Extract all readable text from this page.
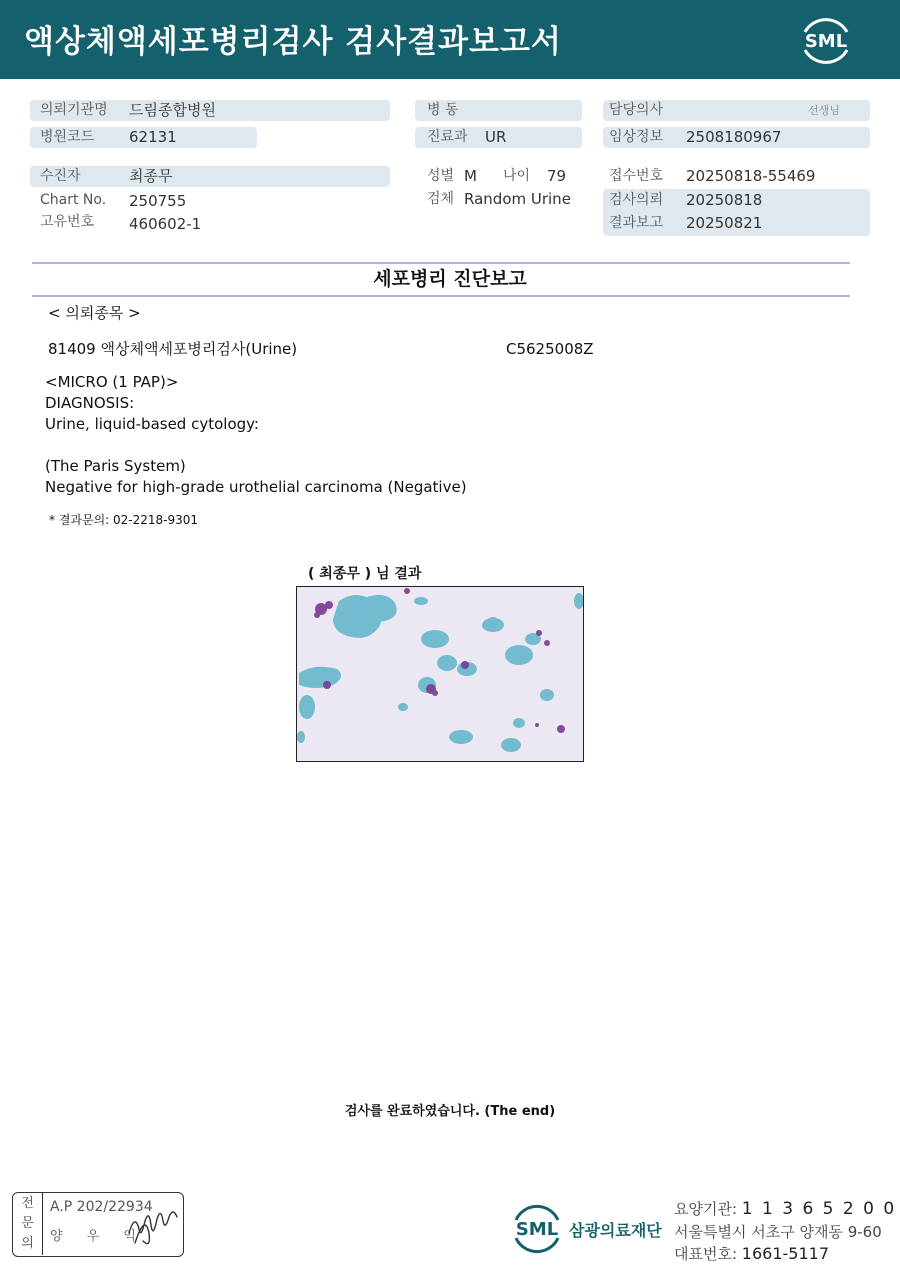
액상체액세포병리검사 검사결과보고서	SML
의뢰기관명 드림종합병원
병원코드 62131
수진자	최종무
Chart No. 250755
고유번호 460602-1
병 동
진료과 UR
성별 M 나이 79
검체 Random Urine
담당의사	선생님
임상정보 2508180967
접수번호 20250818-55469
검사의뢰 20250818
결과보고 20250821
세포병리 진단보고
< 의뢰종목 >
81409 액상체액세포병리검사(Urine)	C5625008Z
<MICRO (1 PAP)>
DIAGNOSIS:
Urine, liquid-based cytology:
(The Paris System)
Negative for high-grade urothelial carcinoma (Negative)
* 결과문의: 02-2218-9301
( 최종무 ) 님 결과
검사를 완료하였습니다. (The end)
전
문
의
A.P 202/22934
양 우 익	SML 삼광의료재단
요양기관: 1 1 3 6 5 2 0 0
서울특별시 서초구 양재동 9-60
대표번호: 1661-5117
